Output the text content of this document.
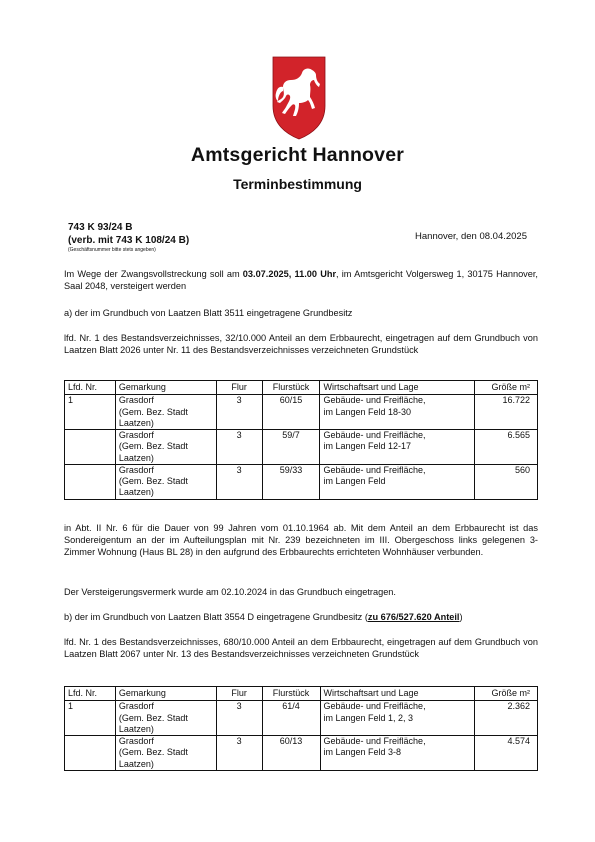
Amtsgericht Hannover
Terminbestimmung
743 K 93/24 B
(verb. mit 743 K 108/24 B)
(Geschäftsnummer bitte stets angeben)
Hannover, den 08.04.2025
Im Wege der Zwangsvollstreckung soll am 03.07.2025, 11.00 Uhr, im Amtsgericht Volgersweg 1, 30175 Hannover, Saal 2048, versteigert werden
a) der im Grundbuch von Laatzen Blatt 3511 eingetragene Grundbesitz
lfd. Nr. 1 des Bestandsverzeichnisses, 32/10.000 Anteil an dem Erbbaurecht, eingetragen auf dem Grundbuch von Laatzen Blatt 2026 unter Nr. 11 des Bestandsverzeichnisses verzeichneten Grundstück
Lfd. Nr.	Gemarkung	Flur	Flurstück	Wirtschaftsart und Lage	Größe m²
1	Grasdorf
(Gem. Bez. Stadt
Laatzen)	3	60/15	Gebäude- und Freifläche,
im Langen Feld 18-30	16.722
	Grasdorf
(Gem. Bez. Stadt
Laatzen)	3	59/7	Gebäude- und Freifläche,
im Langen Feld 12-17	6.565
	Grasdorf
(Gem. Bez. Stadt
Laatzen)	3	59/33	Gebäude- und Freifläche,
im Langen Feld	560
in Abt. II Nr. 6 für die Dauer von 99 Jahren vom 01.10.1964 ab. Mit dem Anteil an dem Erbbaurecht ist das Sondereigentum an der im Aufteilungsplan mit Nr. 239 bezeichneten im III. Obergeschoss links gelegenen 3- Zimmer Wohnung (Haus BL 28) in den aufgrund des Erbbaurechts errichteten Wohnhäuser verbunden.
Der Versteigerungsvermerk wurde am 02.10.2024 in das Grundbuch eingetragen.
b) der im Grundbuch von Laatzen Blatt 3554 D eingetragene Grundbesitz (zu 676/527.620 Anteil)
lfd. Nr. 1 des Bestandsverzeichnisses, 680/10.000 Anteil an dem Erbbaurecht, eingetragen auf dem Grundbuch von Laatzen Blatt 2067 unter Nr. 13 des Bestandsverzeichnisses verzeichneten Grundstück
Lfd. Nr.	Gemarkung	Flur	Flurstück	Wirtschaftsart und Lage	Größe m²
1	Grasdorf
(Gem. Bez. Stadt
Laatzen)	3	61/4	Gebäude- und Freifläche,
im Langen Feld 1, 2, 3	2.362
	Grasdorf
(Gem. Bez. Stadt
Laatzen)	3	60/13	Gebäude- und Freifläche,
im Langen Feld 3-8	4.574
